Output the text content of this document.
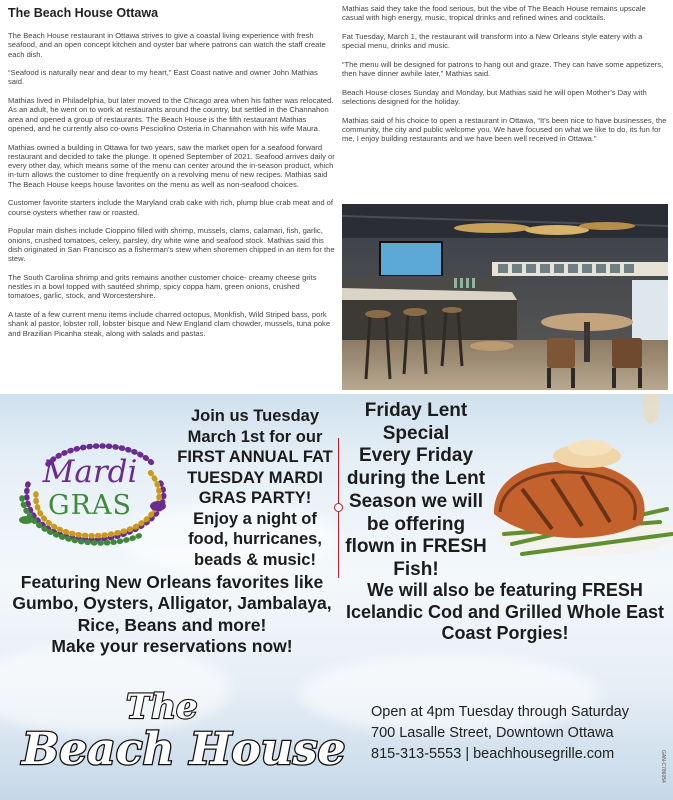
The Beach House Ottawa

The Beach House restaurant in Ottawa strives to give a coastal living experience with fresh seafood, and an open concept kitchen and oyster bar where patrons can watch the staff create each dish.

“Seafood is naturally near and dear to my heart,” East Coast native and owner John Mathias said.

Mathias lived in Philadelphia, but later moved to the Chicago area when his father was relocated. As an adult, he went on to work at restaurants around the country, but settled in the Channahon area and opened a group of restaurants. The Beach House is the fifth restaurant Mathias opened, and he currently also co-owns Pesciolino Osteria in Channahon with his wife Maura.

Mathias owned a building in Ottawa for two years, saw the market open for a seafood forward restaurant and decided to take the plunge. It opened September of 2021. Seafood arrives daily or every other day, which means some of the menu can center around the in-season product, which in-turn allows the customer to dine frequently on a revolving menu of new recipes. Mathias said The Beach House keeps house favorites on the menu as well as non-seafood choices.

Customer favorite starters include the Maryland crab cake with rich, plump blue crab meat and of course oysters whether raw or roasted.

Popular main dishes include Cioppino filled with shrimp, mussels, clams, calamari, fish, garlic, onions, crushed tomatoes, celery, parsley, dry white wine and seafood stock. Mathias said this dish originated in San Francisco as a fisherman’s stew when shoremen chipped in an item for the stew.

The South Carolina shrimp and grits remains another customer choice- creamy cheese grits nestles in a bowl topped with sautéed shrimp, spicy coppa ham, green onions, crushed tomatoes, garlic, stock, and Worcestershire.

A taste of a few current menu items include charred octopus, Monkfish, Wild Striped bass, pork shank al pastor, lobster roll, lobster bisque and New England clam chowder, mussels, tuna poke and Brazilian Picanha steak, along with salads and pastas.

Mathias said they take the food serious, but the vibe of The Beach House remains upscale casual with high energy, music, tropical drinks and refined wines and cocktails.

Fat Tuesday, March 1, the restaurant will transform into a New Orleans style eatery with a special menu, drinks and music.

“The menu will be designed for patrons to hang out and graze. They can have some appetizers, then have dinner awhile later,” Mathias said.

Beach House closes Sunday and Monday, but Mathias said he will open Mother’s Day with selections designed for the holiday.

Mathias said of his choice to open a restaurant in Ottawa, “It’s been nice to have businesses, the community, the city and public welcome you. We have focused on what we like to do, its fun for me, I enjoy building restaurants and we have been well received in Ottawa.”

Mardi
GRAS
Join us Tuesday
March 1st for our
FIRST ANNUAL FAT
TUESDAY MARDI
GRAS PARTY!
Enjoy a night of
food, hurricanes,
beads & music!
Friday Lent
Special
Every Friday
during the Lent
Season we will
be offering
flown in FRESH
Fish!
Featuring New Orleans favorites like
Gumbo, Oysters, Alligator, Jambalaya,
Rice, Beans and more!
Make your reservations now!
We will also be featuring FRESH
Icelandic Cod and Grilled Whole East
Coast Porgies!
The
Beach House
Open at 4pm Tuesday through Saturday
700 Lasalle Street, Downtown Ottawa
815-313-5553 | beachhousegrille.com	GAN-C786054
